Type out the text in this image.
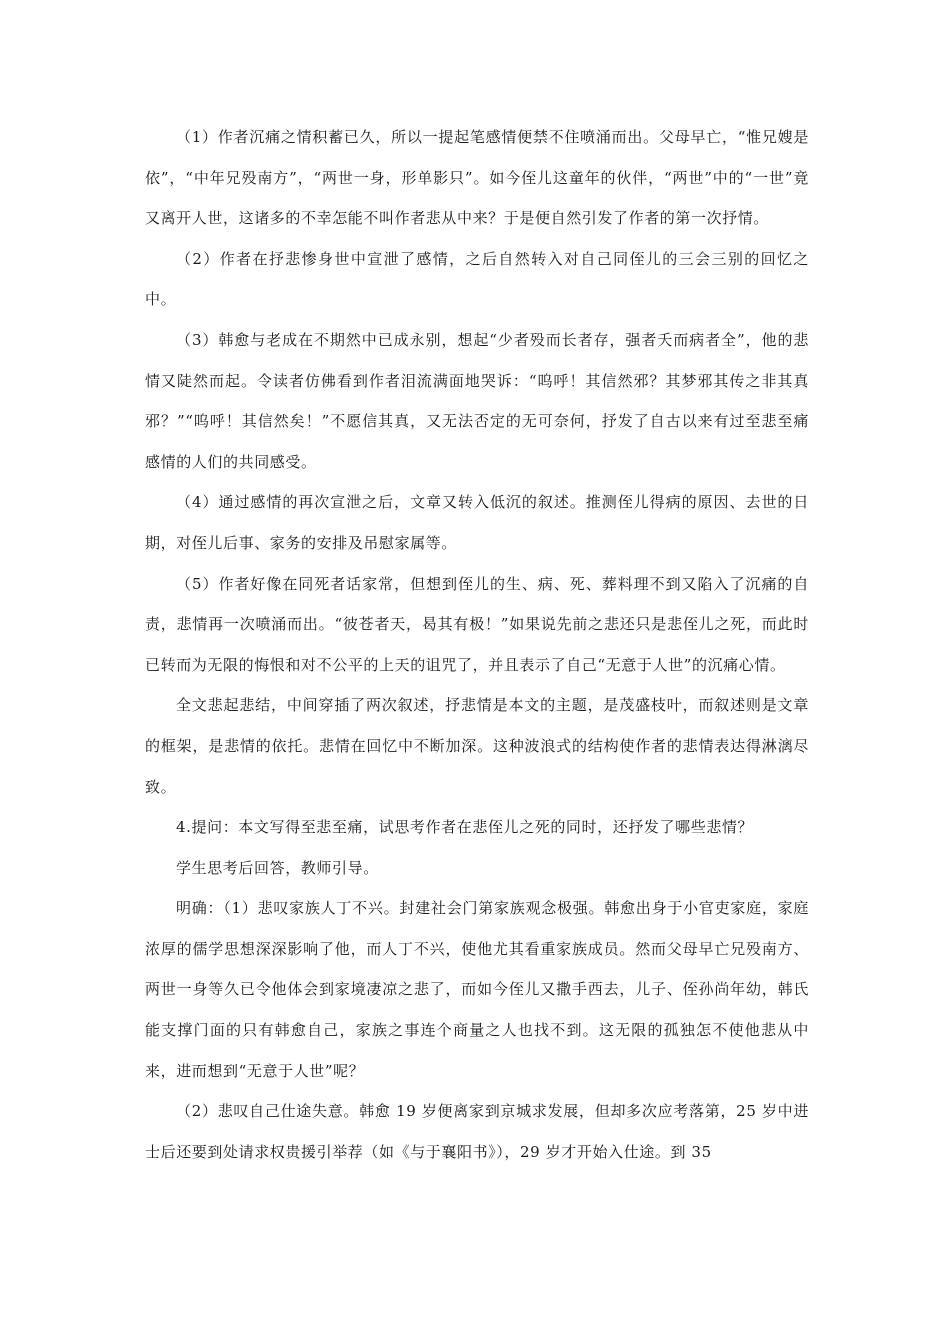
（1）作者沉痛之情积蓄已久，所以一提起笔感情便禁不住喷涌而出。父母早亡，“惟兄嫂是依”，“中年兄殁南方”，“两世一身，形单影只”。如今侄儿这童年的伙伴，“两世”中的“一世”竟又离开人世，这诸多的不幸怎能不叫作者悲从中来？于是便自然引发了作者的第一次抒情。

（2）作者在抒悲惨身世中宣泄了感情，之后自然转入对自己同侄儿的三会三别的回忆之中。

（3）韩愈与老成在不期然中已成永别，想起“少者殁而长者存，强者夭而病者全”，他的悲情又陡然而起。令读者仿佛看到作者泪流满面地哭诉：“呜呼！其信然邪？其梦邪其传之非其真邪？”“呜呼！其信然矣！”不愿信其真，又无法否定的无可奈何，抒发了自古以来有过至悲至痛感情的人们的共同感受。

（4）通过感情的再次宣泄之后，文章又转入低沉的叙述。推测侄儿得病的原因、去世的日期，对侄儿后事、家务的安排及吊慰家属等。

（5）作者好像在同死者话家常，但想到侄儿的生、病、死、葬料理不到又陷入了沉痛的自责，悲情再一次喷涌而出。“彼苍者天，曷其有极！”如果说先前之悲还只是悲侄儿之死，而此时已转而为无限的悔恨和对不公平的上天的诅咒了，并且表示了自己“无意于人世”的沉痛心情。

全文悲起悲结，中间穿插了两次叙述，抒悲情是本文的主题，是茂盛枝叶，而叙述则是文章的框架，是悲情的依托。悲情在回忆中不断加深。这种波浪式的结构使作者的悲情表达得淋漓尽致。

4.提问：本文写得至悲至痛，试思考作者在悲侄儿之死的同时，还抒发了哪些悲情？

学生思考后回答，教师引导。

明确：（1）悲叹家族人丁不兴。封建社会门第家族观念极强。韩愈出身于小官吏家庭，家庭浓厚的儒学思想深深影响了他，而人丁不兴，使他尤其看重家族成员。然而父母早亡兄殁南方、两世一身等久已令他体会到家境凄凉之悲了，而如今侄儿又撒手西去，儿子、侄孙尚年幼，韩氏能支撑门面的只有韩愈自己，家族之事连个商量之人也找不到。这无限的孤独怎不使他悲从中来，进而想到“无意于人世”呢？

（2）悲叹自己仕途失意。韩愈 19 岁便离家到京城求发展，但却多次应考落第，25 岁中进士后还要到处请求权贵援引举荐（如《与于襄阳书》），29 岁才开始入仕途。到 35
